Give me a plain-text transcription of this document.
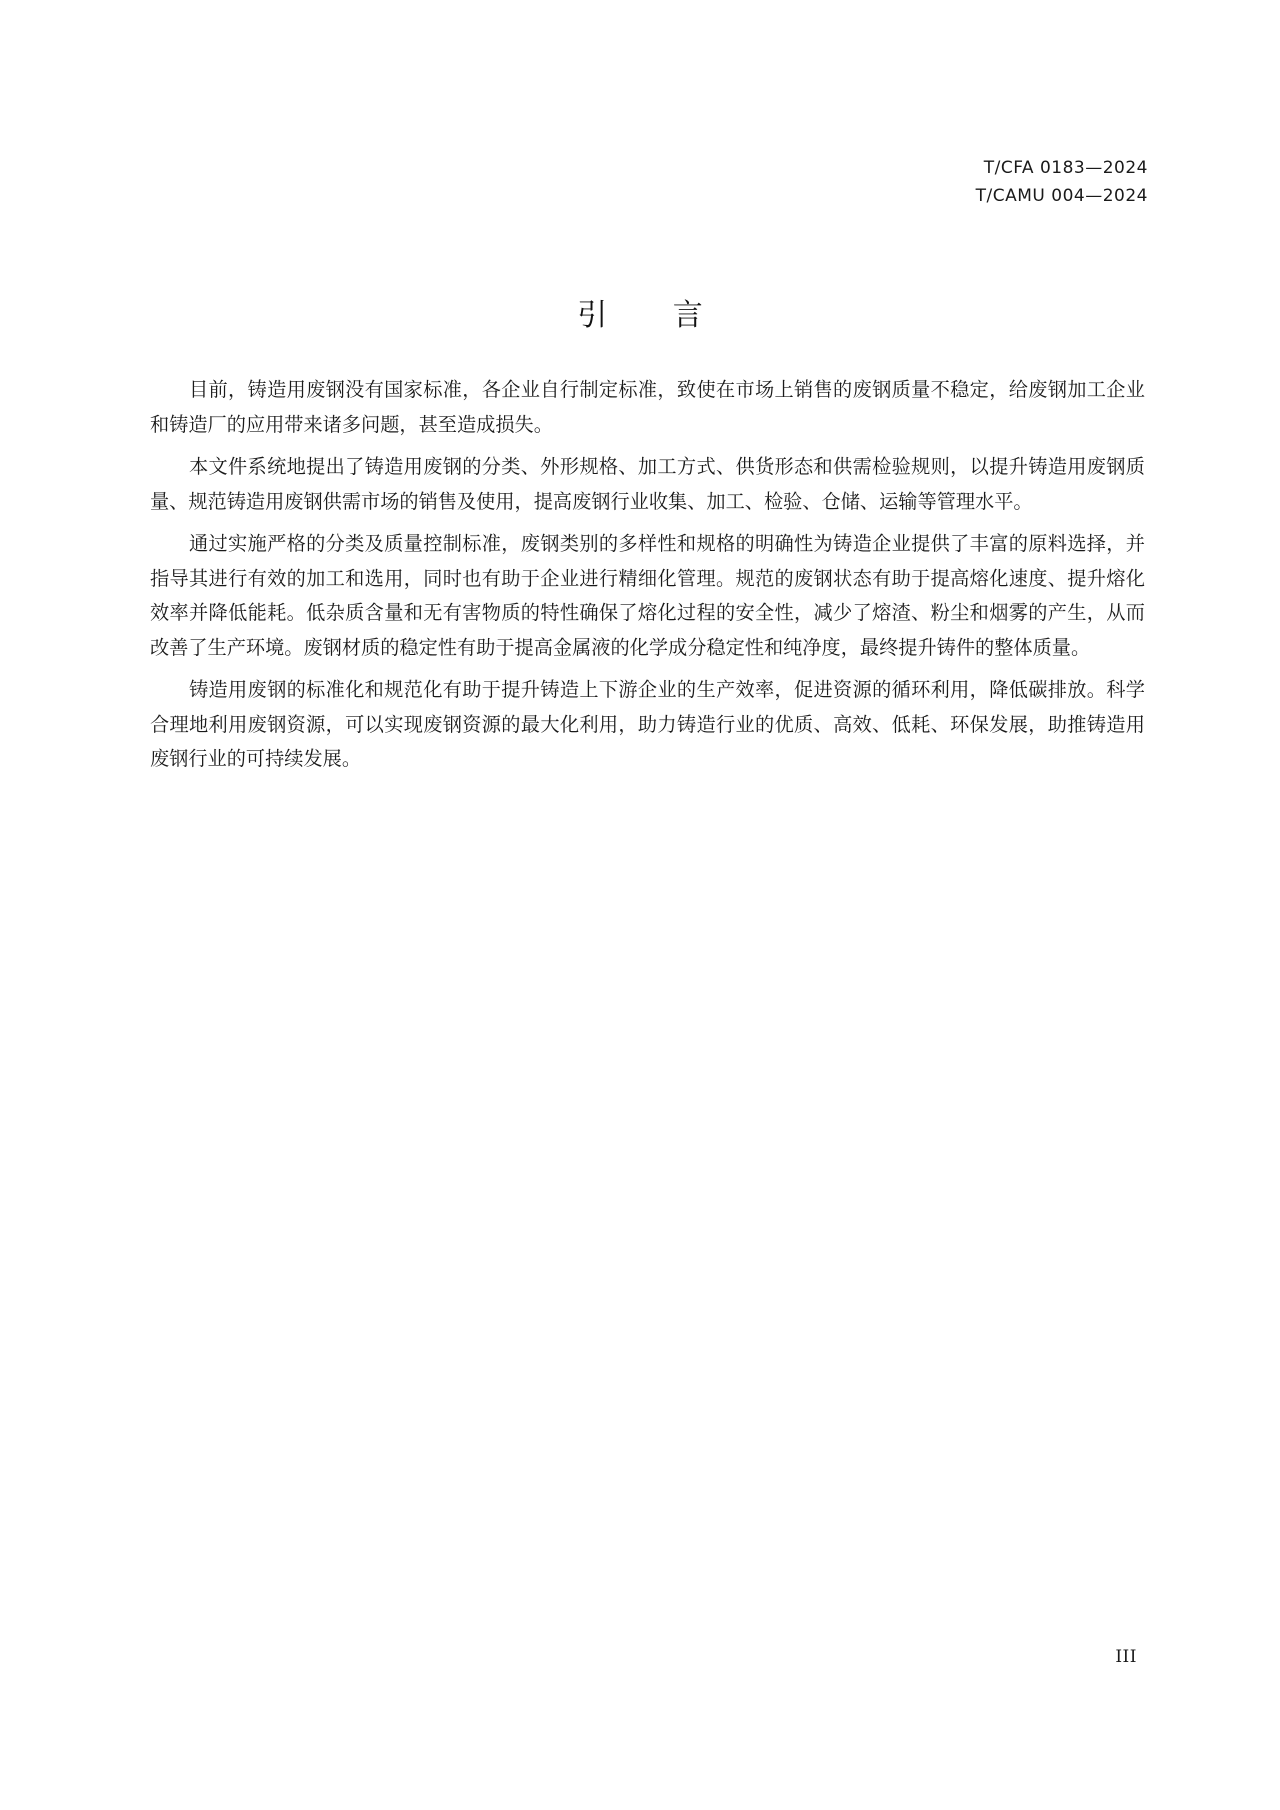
T/CFA 0183—2024
T/CAMU 004—2024
引 言

目前，铸造用废钢没有国家标准，各企业自行制定标准，致使在市场上销售的废钢质量不稳定，给废钢加工企业和铸造厂的应用带来诸多问题，甚至造成损失。

本文件系统地提出了铸造用废钢的分类、外形规格、加工方式、供货形态和供需检验规则，以提升铸造用废钢质量、规范铸造用废钢供需市场的销售及使用，提高废钢行业收集、加工、检验、仓储、运输等管理水平。

通过实施严格的分类及质量控制标准，废钢类别的多样性和规格的明确性为铸造企业提供了丰富的原料选择，并指导其进行有效的加工和选用，同时也有助于企业进行精细化管理。规范的废钢状态有助于提高熔化速度、提升熔化效率并降低能耗。低杂质含量和无有害物质的特性确保了熔化过程的安全性，减少了熔渣、粉尘和烟雾的产生，从而改善了生产环境。废钢材质的稳定性有助于提高金属液的化学成分稳定性和纯净度，最终提升铸件的整体质量。

铸造用废钢的标准化和规范化有助于提升铸造上下游企业的生产效率，促进资源的循环利用，降低碳排放。科学合理地利用废钢资源，可以实现废钢资源的最大化利用，助力铸造行业的优质、高效、低耗、环保发展，助推铸造用废钢行业的可持续发展。

III
